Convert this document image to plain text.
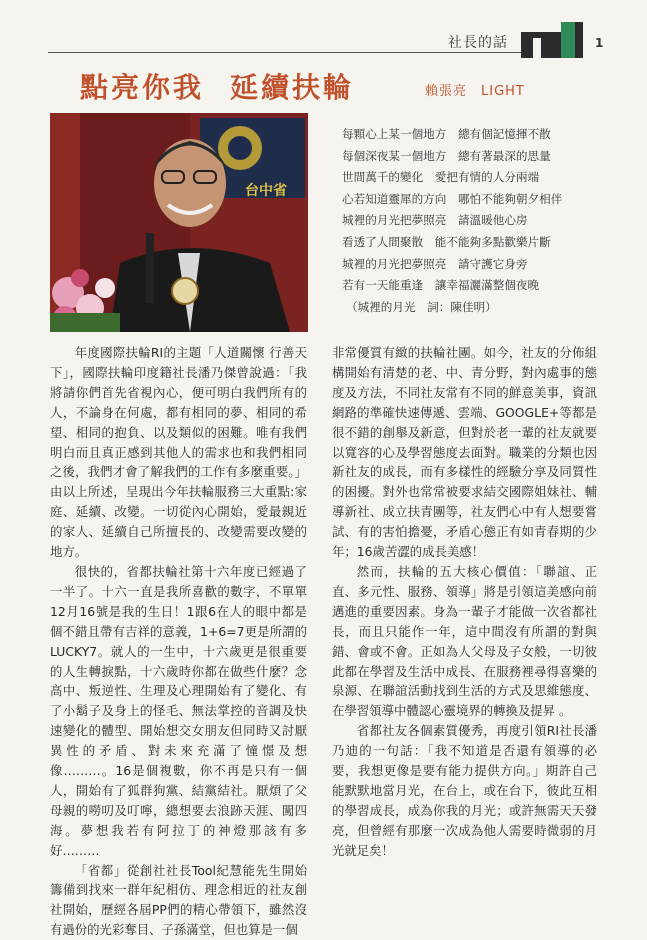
社長的話	1
點亮你我 延續扶輪	賴張亮　LIGHT
台中省
每顆心上某一個地方　總有個記憶揮不散
每個深夜某一個地方　總有著最深的思量
世間萬千的變化　愛把有情的人分兩端
心若知道靈犀的方向　哪怕不能夠朝夕相伴
城裡的月光把夢照亮　請溫暖他心房
看透了人間聚散　能不能夠多點歡樂片斷
城裡的月光把夢照亮　請守護它身旁
若有一天能重逢　讓幸福灑滿整個夜晚
（城裡的月光　詞：陳佳明）

年度國際扶輪RI的主題「人道關懷 行善天下」，國際扶輪印度籍社長潘乃傑曾說過：「我將請你們首先省視內心，便可明白我們所有的人，不論身在何處，都有相同的夢、相同的希望、相同的抱負、以及類似的困難。唯有我們明白而且真正感到其他人的需求也和我們相同之後，我們才會了解我們的工作有多麼重要。」由以上所述，呈現出今年扶輪服務三大重點:家庭、延續、改變。一切從內心開始，愛最親近的家人、延續自己所擅長的、改變需要改變的地方。

很快的，省都扶輪社第十六年度已經過了一半了。十六一直是我所喜歡的數字，不單單12月16號是我的生日！1跟6在人的眼中都是個不錯且帶有吉祥的意義，1+6=7更是所謂的LUCKY7。就人的一生中，十六歲更是很重要的人生轉捩點，十六歲時你都在做些什麼？念高中、叛逆性、生理及心理開始有了變化、有了小鬍子及身上的怪毛、無法掌控的音調及快速變化的體型、開始想交女朋友但同時又討厭異性的矛盾、對未來充滿了憧憬及想像………。16是個複數，你不再是只有一個人，開始有了狐群狗黨、結黨結社。厭煩了父母親的嘮叨及叮嚀，總想要去浪跡天涯、闖四海。夢想我若有阿拉丁的神燈那該有多好………

「省都」從創社社長Tool紀慧能先生開始籌備到找來一群年紀相仿、理念相近的社友創社開始，歷經各屆PP們的精心帶領下，雖然沒有過份的光彩奪目、子孫滿堂，但也算是一個

非常優質有緻的扶輪社團。如今，社友的分佈組構開始有清楚的老、中、青分野，對內處事的態度及方法，不同社友常有不同的鮮意美事，資訊網路的準確快速傳遞、雲端、GOOGLE+等都是很不錯的創舉及新意，但對於老一輩的社友就要以寬容的心及學習態度去面對。職業的分類也因新社友的成長，而有多樣性的經驗分享及同質性的困擾。對外也常常被要求結交國際姐妹社、輔導新社、成立扶青團等，社友們心中有人想要嘗試、有的害怕擔憂，矛盾心態正有如青春期的少年；16歲苦澀的成長美感！

然而，扶輪的五大核心價值：「聯誼、正直、多元性、服務、領導」將是引領這美感向前邁進的重要因素。身為一輩子才能做一次省都社長，而且只能作一年，這中間沒有所謂的對與錯、會或不會。正如為人父母及子女般，一切彼此都在學習及生活中成長、在服務裡尋得喜樂的泉源、在聯誼活動找到生活的方式及思維態度、在學習領導中體認心靈境界的轉換及提昇 。

省都社友各個素質優秀，再度引領RI社長潘乃迪的一句話：「我不知道是否還有領導的必要，我想更像是要有能力提供方向。」期許自己能默默地當月光，在台上，或在台下，彼此互相的學習成長，成為你我的月光；或許無需天天發亮，但曾經有那麼一次成為他人需要時微弱的月光就足矣！
